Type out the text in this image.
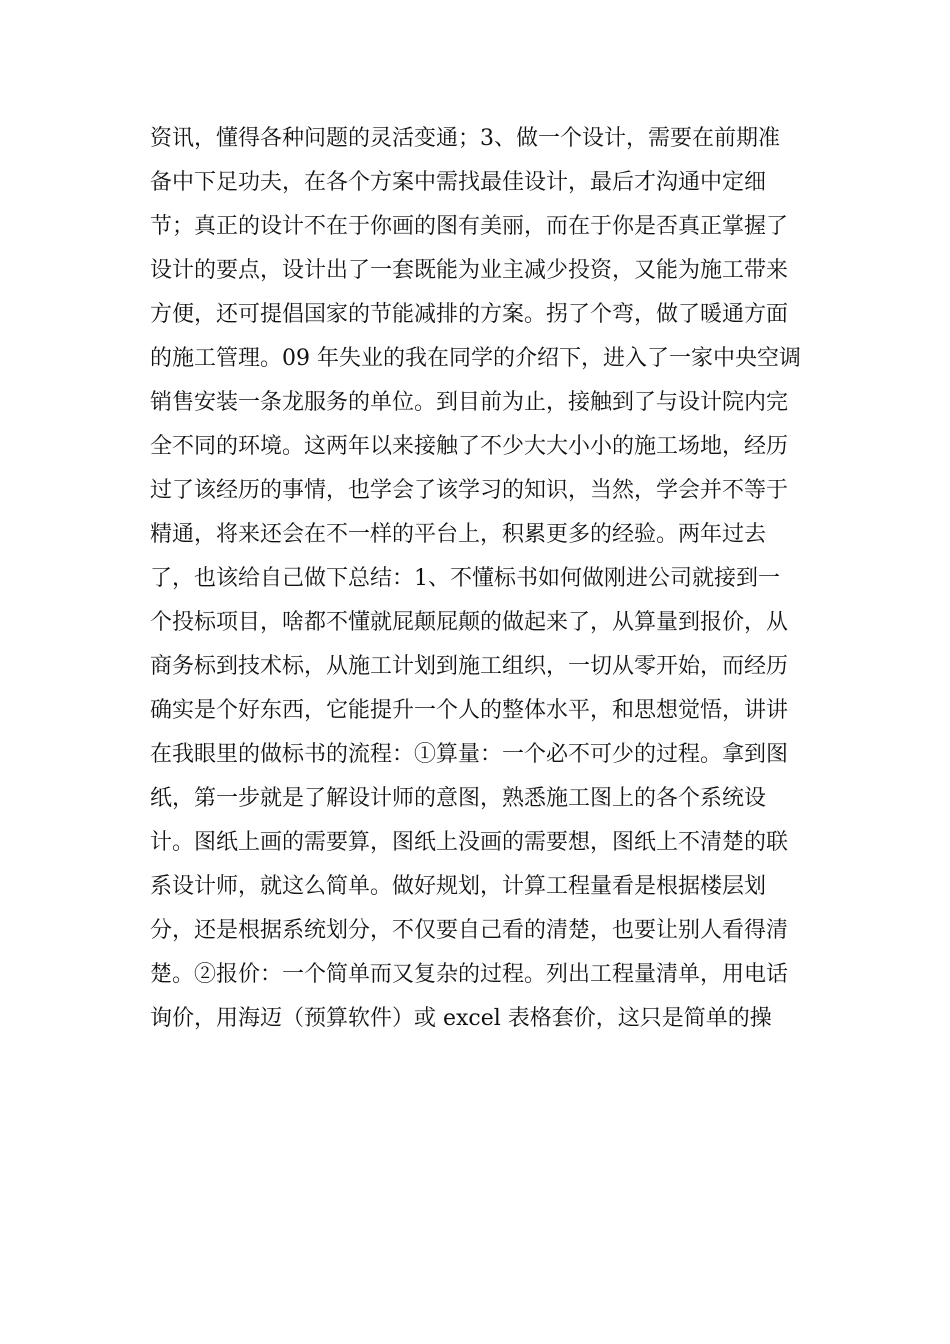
资讯，懂得各种问题的灵活变通；3、做一个设计，需要在前期准
备中下足功夫，在各个方案中需找最佳设计，最后才沟通中定细
节；真正的设计不在于你画的图有美丽，而在于你是否真正掌握了
设计的要点，设计出了一套既能为业主减少投资，又能为施工带来
方便，还可提倡国家的节能减排的方案。拐了个弯，做了暖通方面
的施工管理。09 年失业的我在同学的介绍下，进入了一家中央空调
销售安装一条龙服务的单位。到目前为止，接触到了与设计院内完
全不同的环境。这两年以来接触了不少大大小小的施工场地，经历
过了该经历的事情，也学会了该学习的知识，当然，学会并不等于
精通，将来还会在不一样的平台上，积累更多的经验。两年过去
了，也该给自己做下总结：1、不懂标书如何做刚进公司就接到一
个投标项目，啥都不懂就屁颠屁颠的做起来了，从算量到报价，从
商务标到技术标，从施工计划到施工组织，一切从零开始，而经历
确实是个好东西，它能提升一个人的整体水平，和思想觉悟，讲讲
在我眼里的做标书的流程：①算量：一个必不可少的过程。拿到图
纸，第一步就是了解设计师的意图，熟悉施工图上的各个系统设
计。图纸上画的需要算，图纸上没画的需要想，图纸上不清楚的联
系设计师，就这么简单。做好规划，计算工程量看是根据楼层划
分，还是根据系统划分，不仅要自己看的清楚，也要让别人看得清
楚。②报价：一个简单而又复杂的过程。列出工程量清单，用电话
询价，用海迈（预算软件）或 excel 表格套价，这只是简单的操
